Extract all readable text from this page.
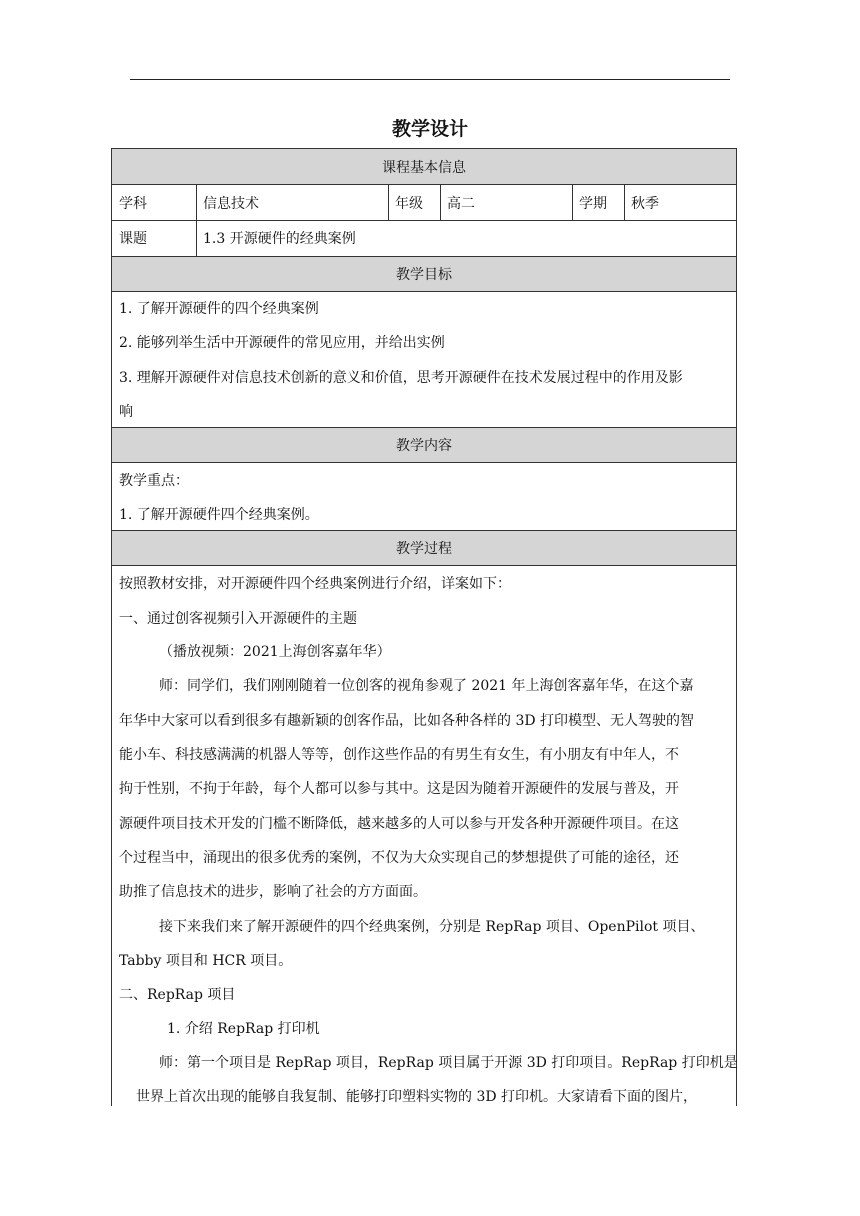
教学设计
课程基本信息
学科	信息技术	年级	高二	学期	秋季
课题	1.3 开源硬件的经典案例
教学目标
1. 了解开源硬件的四个经典案例
2. 能够列举生活中开源硬件的常见应用，并给出实例
3. 理解开源硬件对信息技术创新的意义和价值，思考开源硬件在技术发展过程中的作用及影
响
教学内容
教学重点：
1. 了解开源硬件四个经典案例。
教学过程
按照教材安排，对开源硬件四个经典案例进行介绍，详案如下：
一、通过创客视频引入开源硬件的主题
（播放视频：2021上海创客嘉年华）
师：同学们，我们刚刚随着一位创客的视角参观了 2021 年上海创客嘉年华，在这个嘉
年华中大家可以看到很多有趣新颖的创客作品，比如各种各样的 3D 打印模型、无人驾驶的智
能小车、科技感满满的机器人等等，创作这些作品的有男生有女生，有小朋友有中年人，不
拘于性别，不拘于年龄，每个人都可以参与其中。这是因为随着开源硬件的发展与普及，开
源硬件项目技术开发的门槛不断降低，越来越多的人可以参与开发各种开源硬件项目。在这
个过程当中，涌现出的很多优秀的案例，不仅为大众实现自己的梦想提供了可能的途径，还
助推了信息技术的进步，影响了社会的方方面面。
接下来我们来了解开源硬件的四个经典案例，分别是 RepRap 项目、OpenPilot 项目、
Tabby 项目和 HCR 项目。
二、RepRap 项目
1. 介绍 RepRap 打印机
师：第一个项目是 RepRap 项目，RepRap 项目属于开源 3D 打印项目。RepRap 打印机是
世界上首次出现的能够自我复制、能够打印塑料实物的 3D 打印机。大家请看下面的图片，
